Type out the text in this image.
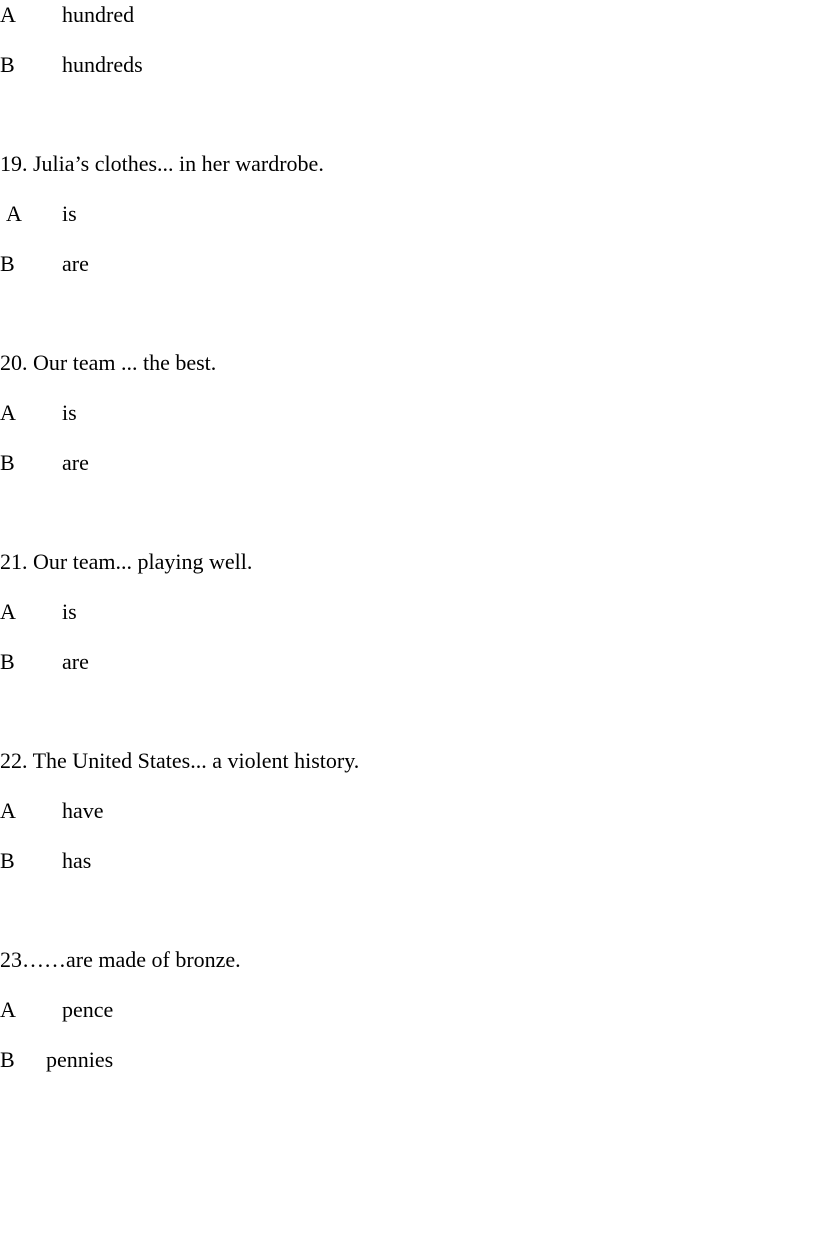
A hundred
B hundreds
19. Julia’s clothes... in her wardrobe.
A is
B are
20. Our team ... the best.
A is
B are
21. Our team... playing well.
A is
B are
22. The United States... a violent history.
A have
B has
23……are made of bronze.
A pence
B pennies
